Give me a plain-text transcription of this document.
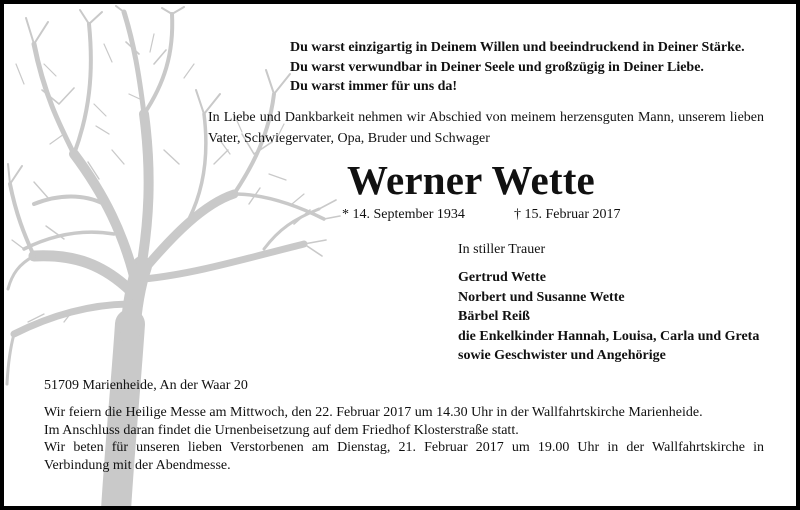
Du warst einzigartig in Deinem Willen und beeindruckend in Deiner Stärke.
Du warst verwundbar in Deiner Seele und großzügig in Deiner Liebe.
Du warst immer für uns da!
In Liebe und Dankbarkeit nehmen wir Abschied von meinem herzensguten Mann, unserem lieben Vater, Schwiegervater, Opa, Bruder und Schwager
Werner Wette
* 14. September 1934	† 15. Februar 2017
In stiller Trauer
Gertrud Wette
Norbert und Susanne Wette
Bärbel Reiß
die Enkelkinder Hannah, Louisa, Carla und Greta
sowie Geschwister und Angehörige
51709 Marienheide, An der Waar 20

Wir feiern die Heilige Messe am Mittwoch, den 22. Februar 2017 um 14.30 Uhr in der Wallfahrtskirche Marienheide.

Im Anschluss daran findet die Urnenbeisetzung auf dem Friedhof Klosterstraße statt.

Wir beten für unseren lieben Verstorbenen am Dienstag, 21. Februar 2017 um 19.00 Uhr in der Wallfahrtskirche in

Verbindung mit der Abendmesse.
